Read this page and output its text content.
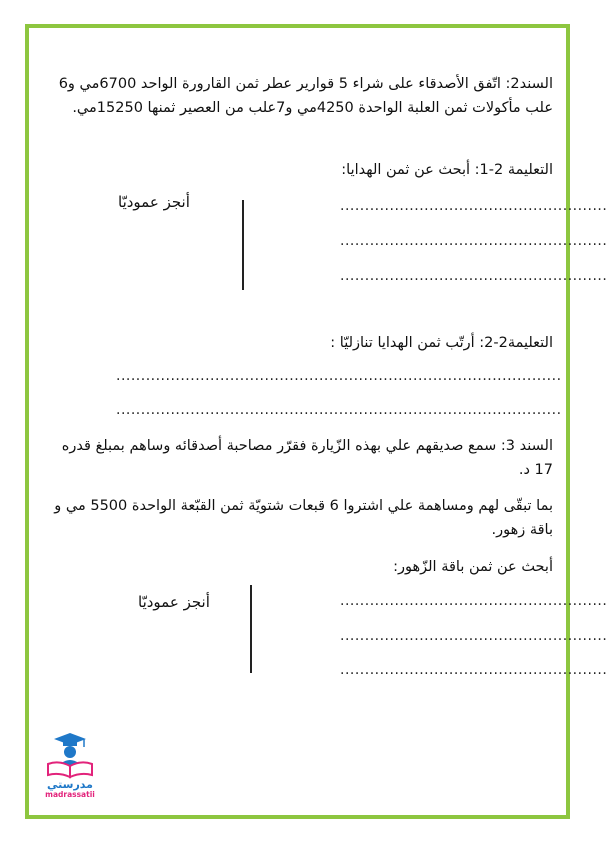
السند2: اتّفق الأصدقاء على شراء 5 قوارير عطر ثمن القارورة الواحد 6700مي و6 علب مأكولات ثمن العلبة الواحدة 4250مي و7علب من العصير ثمنها 15250مي.

التعليمة 2-1: أبحث عن ثمن الهدايا:

أنجز عموديّا	......................................................
......................................................
......................................................

التعليمة2-2: أرتّب ثمن الهدايا تنازليّا :

..........................................................................................
..........................................................................................

السند 3: سمع صديقهم علي بهذه الزّيارة فقرّر مصاحبة أصدقائه وساهم بمبلغ قدره 17 د.

بما تبقّى لهم ومساهمة علي اشتروا 6 قبعات شتويّة ثمن القبّعة الواحدة 5500 مي و باقة زهور.

أبحث عن ثمن باقة الزّهور:

أنجز عموديّا	......................................................
......................................................
......................................................
مدرستي
madrassatii
